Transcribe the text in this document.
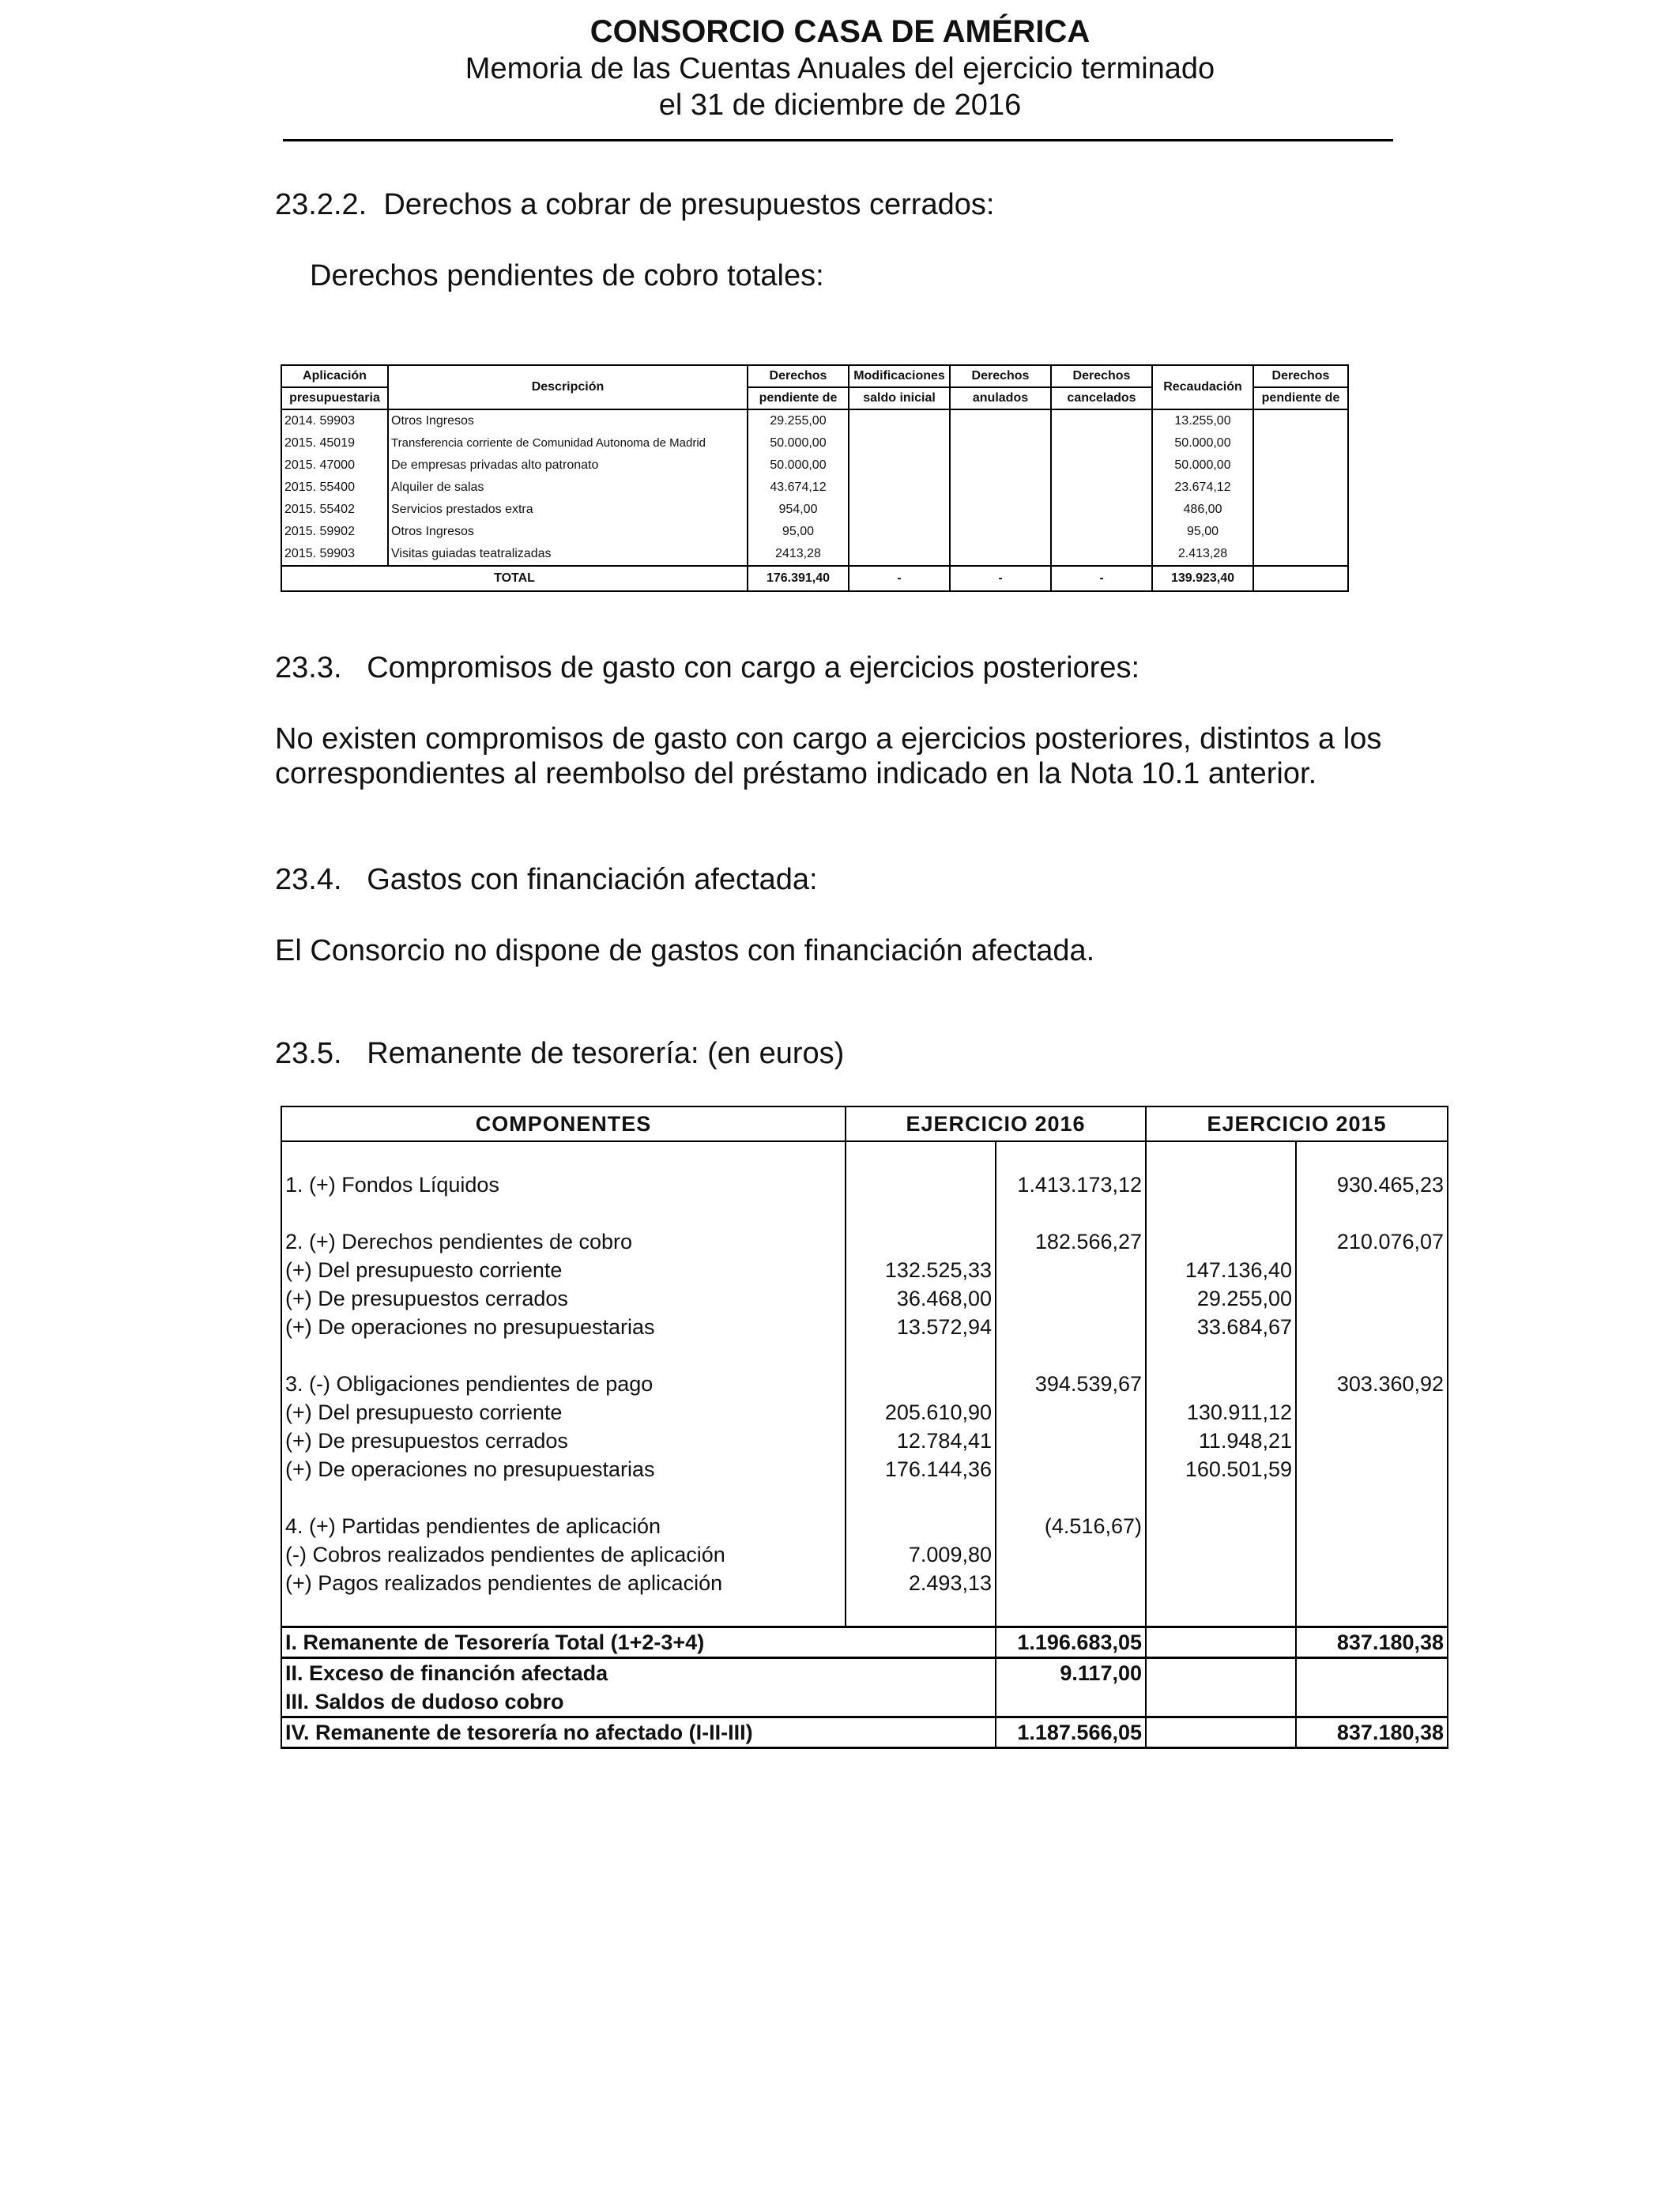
CONSORCIO CASA DE AMÉRICA
Memoria de las Cuentas Anuales del ejercicio terminado
el 31 de diciembre de 2016
23.2.2.  Derechos a cobrar de presupuestos cerrados:
Derechos pendientes de cobro totales:
Aplicación	Descripción	Derechos	Modificaciones	Derechos	Derechos	Recaudación	Derechos
presupuestaria		pendiente de	saldo inicial	anulados	cancelados		pendiente de
2014. 59903	Otros Ingresos	29.255,00				13.255,00	
2015. 45019	Transferencia corriente de Comunidad Autonoma de Madrid	50.000,00				50.000,00	
2015. 47000	De empresas privadas alto patronato	50.000,00				50.000,00	
2015. 55400	Alquiler de salas	43.674,12				23.674,12	
2015. 55402	Servicios prestados extra	954,00				486,00	
2015. 59902	Otros Ingresos	95,00				95,00	
2015. 59903	Visitas guiadas teatralizadas	2413,28				2.413,28	
TOTAL		176.391,40	-	-	-	139.923,40	
23.3.   Compromisos de gasto con cargo a ejercicios posteriores:
No existen compromisos de gasto con cargo a ejercicios posteriores, distintos a los
correspondientes al reembolso del préstamo indicado en la Nota 10.1 anterior.
23.4.   Gastos con financiación afectada:
El Consorcio no dispone de gastos con financiación afectada.
23.5.   Remanente de tesorería: (en euros)
COMPONENTES	EJERCICIO 2016		EJERCICIO 2015	

1. (+) Fondos Líquidos		1.413.173,12		930.465,23

2. (+) Derechos pendientes de cobro		182.566,27		210.076,07
(+) Del presupuesto corriente	132.525,33		147.136,40	
(+) De presupuestos cerrados	36.468,00		29.255,00	
(+) De operaciones no presupuestarias	13.572,94		33.684,67	

3. (-) Obligaciones pendientes de pago		394.539,67		303.360,92
(+) Del presupuesto corriente	205.610,90		130.911,12	
(+) De presupuestos cerrados	12.784,41		11.948,21	
(+) De operaciones no presupuestarias	176.144,36		160.501,59	

4. (+) Partidas pendientes de aplicación		(4.516,67)		
(-) Cobros realizados pendientes de aplicación	7.009,80			
(+) Pagos realizados pendientes de aplicación	2.493,13			

I. Remanente de Tesorería Total (1+2-3+4)		1.196.683,05		837.180,38
II. Exceso de financión afectada		9.117,00		
III. Saldos de dudoso cobro				
IV. Remanente de tesorería no afectado (I-II-III)		1.187.566,05		837.180,38
